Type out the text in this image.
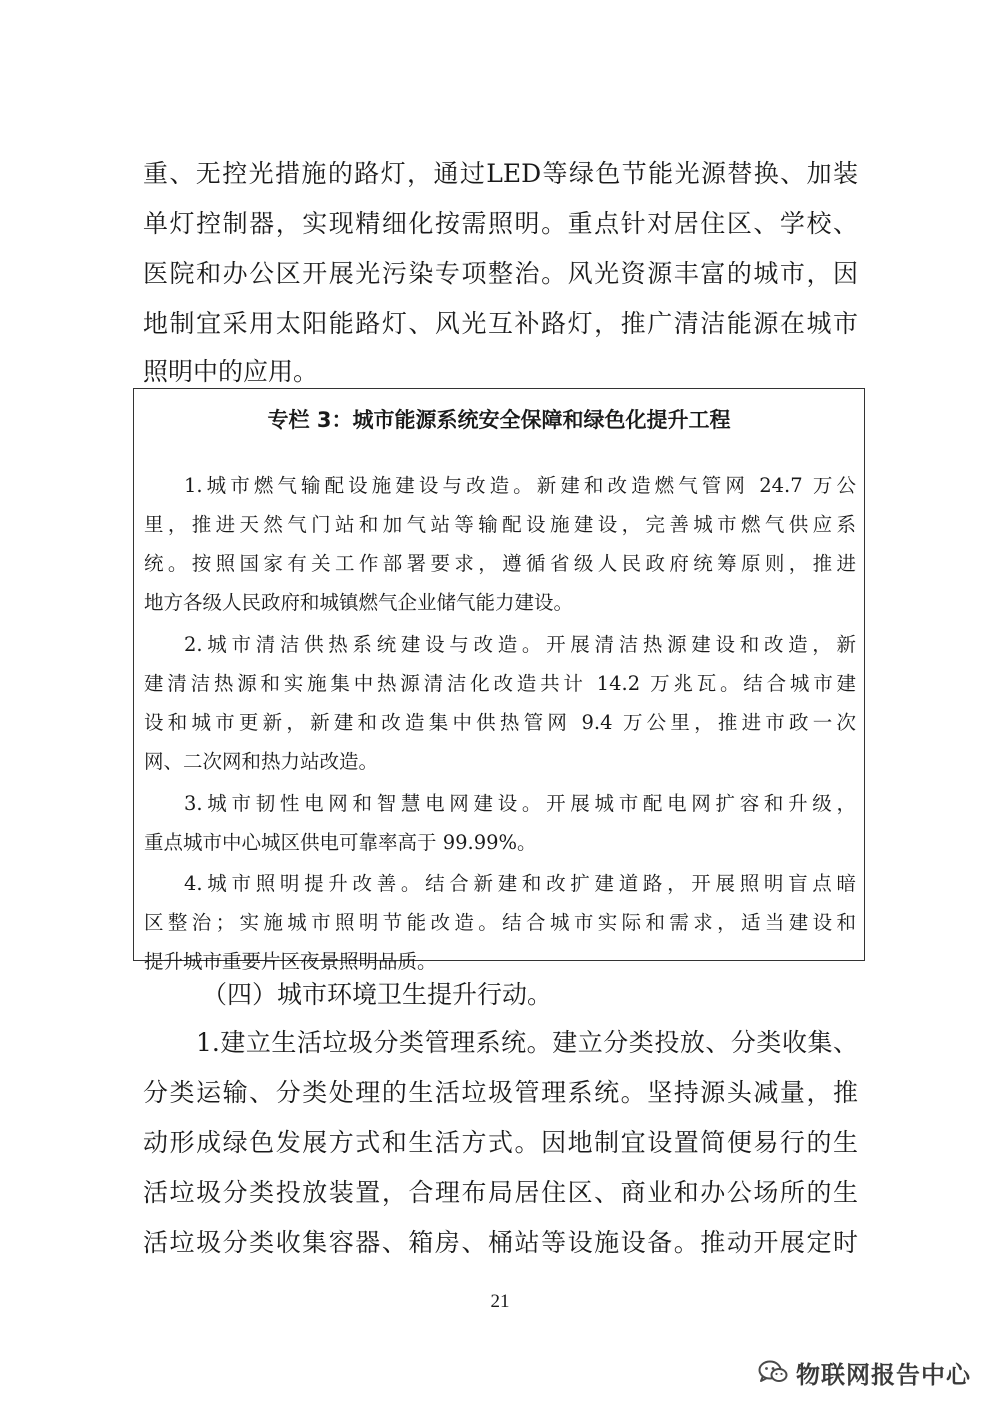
重、无控光措施的路灯，通过LED等绿色节能光源替换、加装

单灯控制器，实现精细化按需照明。重点针对居住区、学校、

医院和办公区开展光污染专项整治。风光资源丰富的城市，因

地制宜采用太阳能路灯、风光互补路灯，推广清洁能源在城市

照明中的应用。

专栏 3：城市能源系统安全保障和绿色化提升工程

1.城市燃气输配设施建设与改造。新建和改造燃气管网 24.7 万公

里，推进天然气门站和加气站等输配设施建设，完善城市燃气供应系

统。按照国家有关工作部署要求，遵循省级人民政府统筹原则，推进

地方各级人民政府和城镇燃气企业储气能力建设。

2.城市清洁供热系统建设与改造。开展清洁热源建设和改造，新

建清洁热源和实施集中热源清洁化改造共计 14.2 万兆瓦。结合城市建

设和城市更新，新建和改造集中供热管网 9.4 万公里，推进市政一次

网、二次网和热力站改造。

3.城市韧性电网和智慧电网建设。开展城市配电网扩容和升级，

重点城市中心城区供电可靠率高于 99.99%。

4.城市照明提升改善。结合新建和改扩建道路，开展照明盲点暗

区整治；实施城市照明节能改造。结合城市实际和需求，适当建设和

提升城市重要片区夜景照明品质。

（四）城市环境卫生提升行动。

1.建立生活垃圾分类管理系统。建立分类投放、分类收集、

分类运输、分类处理的生活垃圾管理系统。坚持源头减量，推

动形成绿色发展方式和生活方式。因地制宜设置简便易行的生

活垃圾分类投放装置，合理布局居住区、商业和办公场所的生

活垃圾分类收集容器、箱房、桶站等设施设备。推动开展定时

21
物联网报告中心
